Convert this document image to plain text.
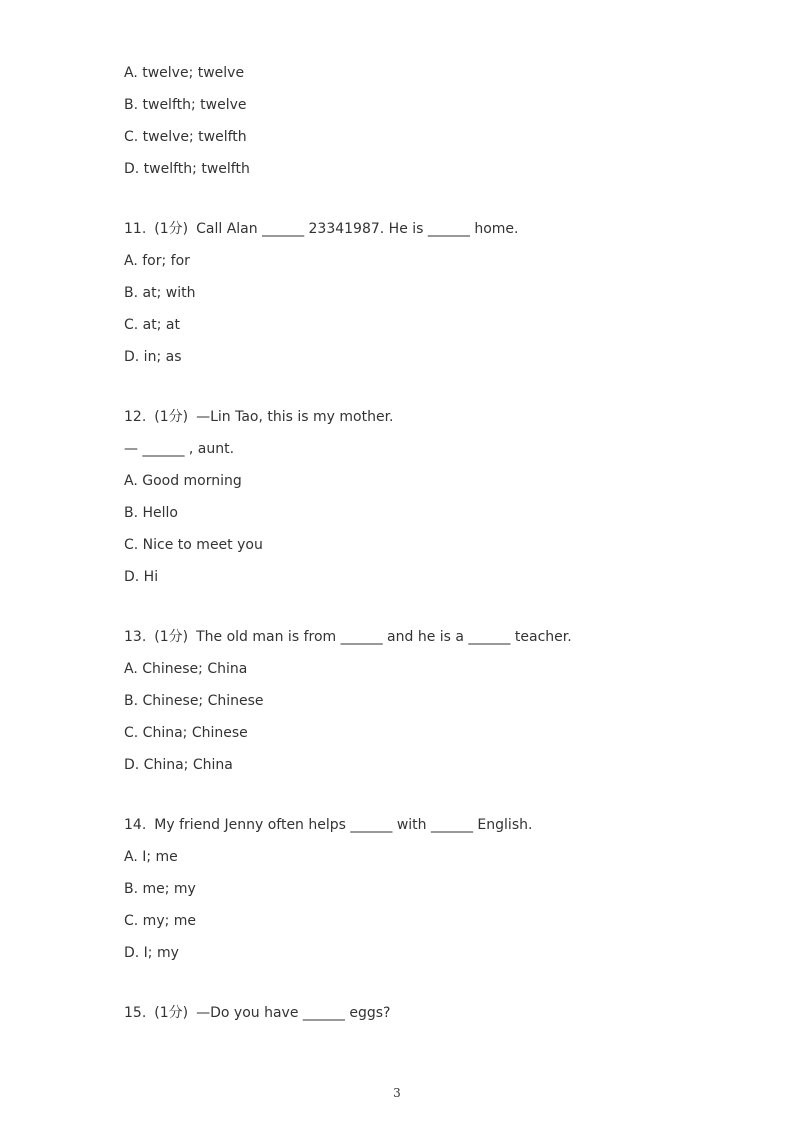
A. twelve; twelve
B. twelfth; twelve
C. twelve; twelfth
D. twelfth; twelfth
11. (1分) Call Alan ______ 23341987. He is ______ home.
A. for; for
B. at; with
C. at; at
D. in; as
12. (1分) —Lin Tao, this is my mother.
— ______ , aunt.
A. Good morning
B. Hello
C. Nice to meet you
D. Hi
13. (1分) The old man is from ______ and he is a ______ teacher.
A. Chinese; China
B. Chinese; Chinese
C. China; Chinese
D. China; China
14. My friend Jenny often helps ______ with ______ English.
A. I; me
B. me; my
C. my; me
D. I; my
15. (1分) —Do you have ______ eggs?
3
